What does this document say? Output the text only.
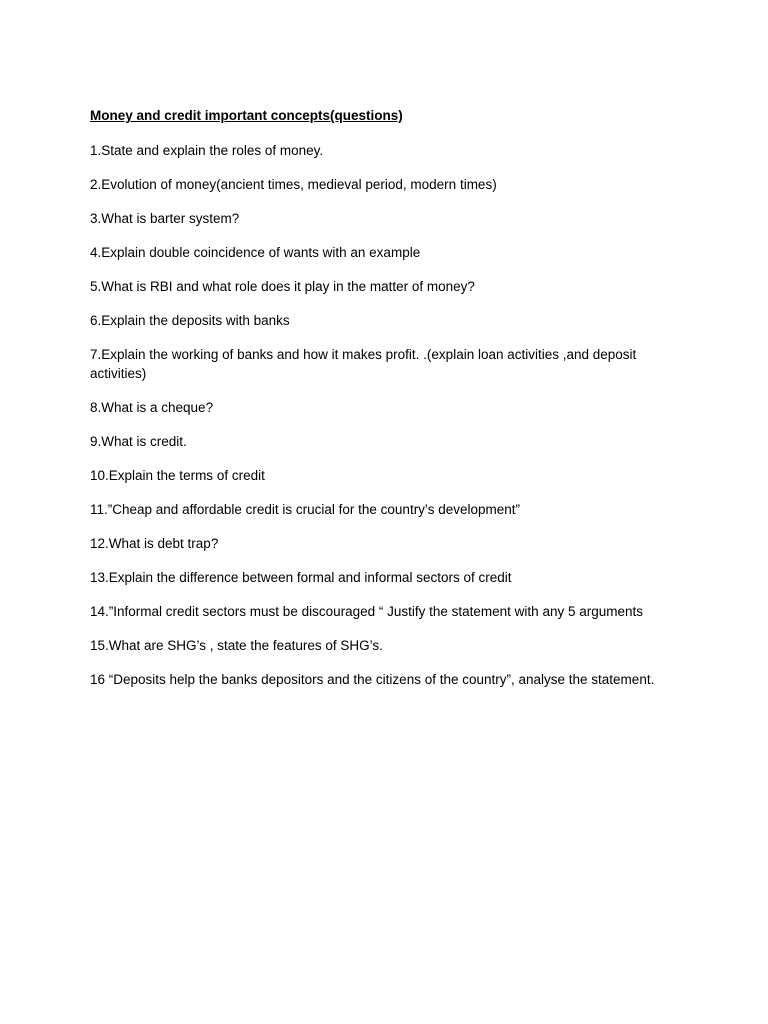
Money and credit important concepts(questions)
1.State and explain the roles of money.
2.Evolution of money(ancient times, medieval period, modern times)
3.What is barter system?
4.Explain double coincidence of wants with an example
5.What is RBI and what role does it play in the matter of money?
6.Explain the deposits with banks
7.Explain the working of banks and how it makes profit. .(explain loan activities ,and deposit activities)
8.What is a cheque?
9.What is credit.
10.Explain the terms of credit
11.”Cheap and affordable credit is crucial for the country’s development”
12.What is debt trap?
13.Explain the difference between formal and informal sectors of credit
14.”Informal credit sectors must be discouraged “ Justify the statement with any 5 arguments
15.What are SHG’s , state the features of SHG’s.
16 “Deposits help the banks depositors and the citizens of the country”, analyse the statement.
